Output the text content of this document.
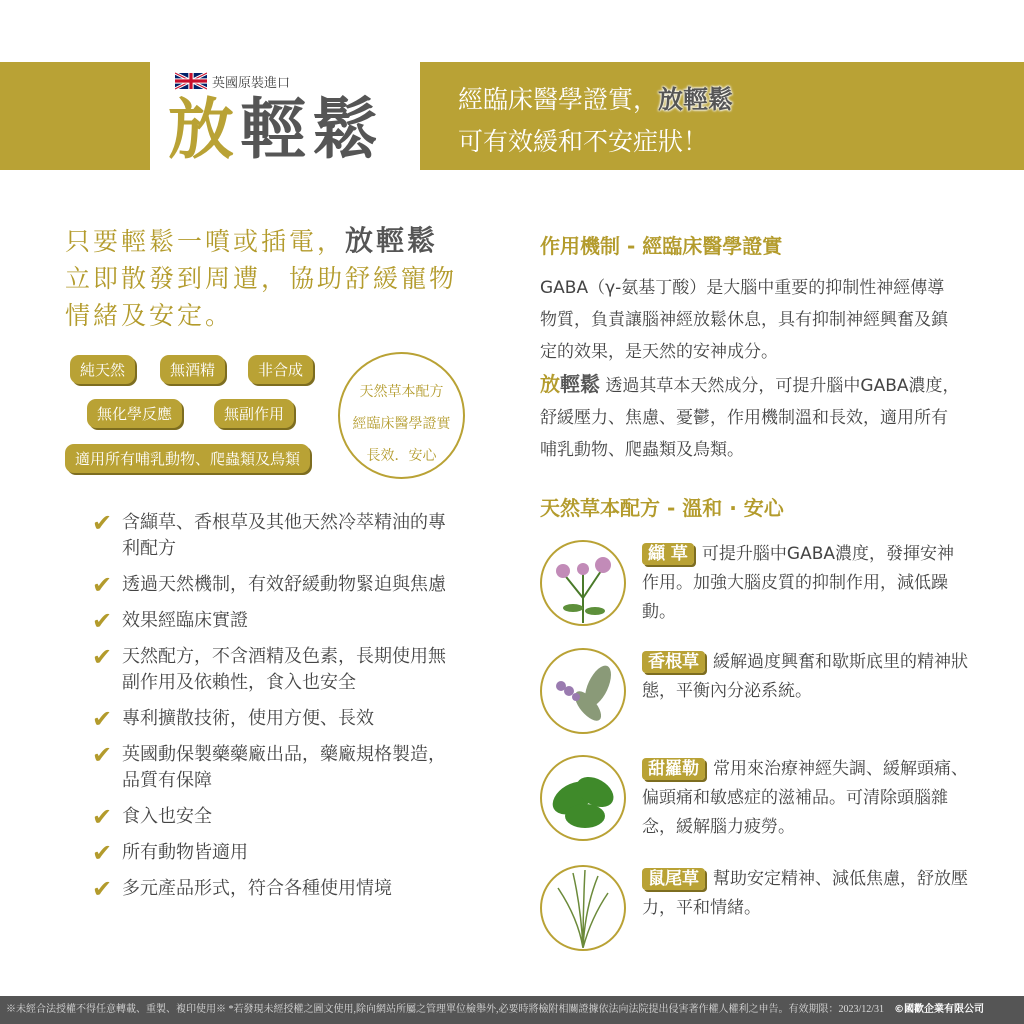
英國原裝進口
放輕鬆	經臨床醫學證實，放輕鬆
可有效緩和不安症狀！
只要輕鬆一噴或插電，放輕鬆
立即散發到周遭，協助舒緩寵物
情緒及安定。
純天然	無酒精	非合成
無化學反應	無副作用
適用所有哺乳動物、爬蟲類及鳥類
天然草本配方
經臨床醫學證實
長效．安心
✔ 含纈草、香根草及其他天然冷萃精油的專利配方
✔ 透過天然機制，有效舒緩動物緊迫與焦慮
✔ 效果經臨床實證
✔ 天然配方，不含酒精及色素，長期使用無副作用及依賴性，食入也安全
✔ 專利擴散技術，使用方便、長效
✔ 英國動保製藥藥廠出品，藥廠規格製造，品質有保障
✔ 食入也安全
✔ 所有動物皆適用
✔ 多元產品形式，符合各種使用情境
作用機制 - 經臨床醫學證實
GABA（γ-氨基丁酸）是大腦中重要的抑制性神經傳導物質，負責讓腦神經放鬆休息，具有抑制神經興奮及鎮定的效果，是天然的安神成分。
放輕鬆 透過其草本天然成分，可提升腦中GABA濃度，舒緩壓力、焦慮、憂鬱，作用機制溫和長效，適用所有哺乳動物、爬蟲類及鳥類。
天然草本配方 - 溫和 · 安心
纈 草 可提升腦中GABA濃度，發揮安神作用。加強大腦皮質的抑制作用，減低躁動。
香根草 緩解過度興奮和歇斯底里的精神狀態，平衡內分泌系統。
甜羅勒 常用來治療神經失調、緩解頭痛、偏頭痛和敏感症的滋補品。可清除頭腦雜念，緩解腦力疲勞。
鼠尾草 幫助安定精神、減低焦慮，舒放壓力，平和情緒。
※未經合法授權不得任意轉載、重製、複印使用※ *若發現未經授權之圖文使用,除向網站所屬之管理單位檢舉外,必要時將檢附相關證據依法向法院提出侵害著作權人權利之申告。有效期限：2023/12/31 ©國歡企業有限公司
